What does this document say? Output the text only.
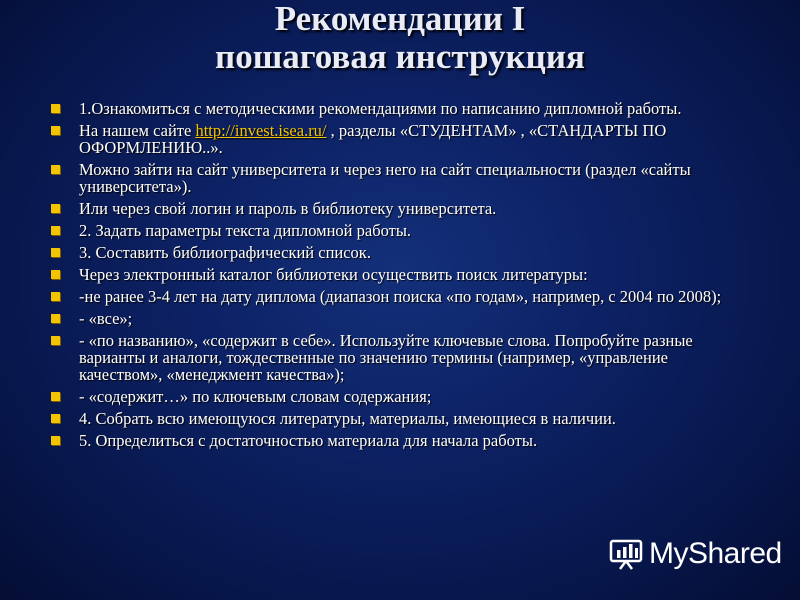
Рекомендации I
пошаговая инструкция
1.Ознакомиться с методическими рекомендациями по написанию дипломной работы.
На нашем сайте http://invest.isea.ru/ , разделы «СТУДЕНТАМ» , «СТАНДАРТЫ ПО ОФОРМЛЕНИЮ..».
Можно зайти на сайт университета и через него на сайт специальности (раздел «сайты университета»).
Или через свой логин и пароль в библиотеку университета.
2. Задать параметры текста дипломной работы.
3. Составить библиографический список.
Через электронный каталог библиотеки осуществить поиск литературы:
-не ранее 3-4 лет на дату диплома (диапазон поиска «по годам», например, с 2004 по 2008);
- «все»;
- «по названию», «содержит в себе». Используйте ключевые слова. Попробуйте разные варианты и аналоги, тождественные по значению термины (например, «управление качеством», «менеджмент качества»);
- «содержит…» по ключевым словам содержания;
4. Собрать всю имеющуюся литературы, материалы, имеющиеся в наличии.
5. Определиться с достаточностью материала для начала работы.
MyShared
